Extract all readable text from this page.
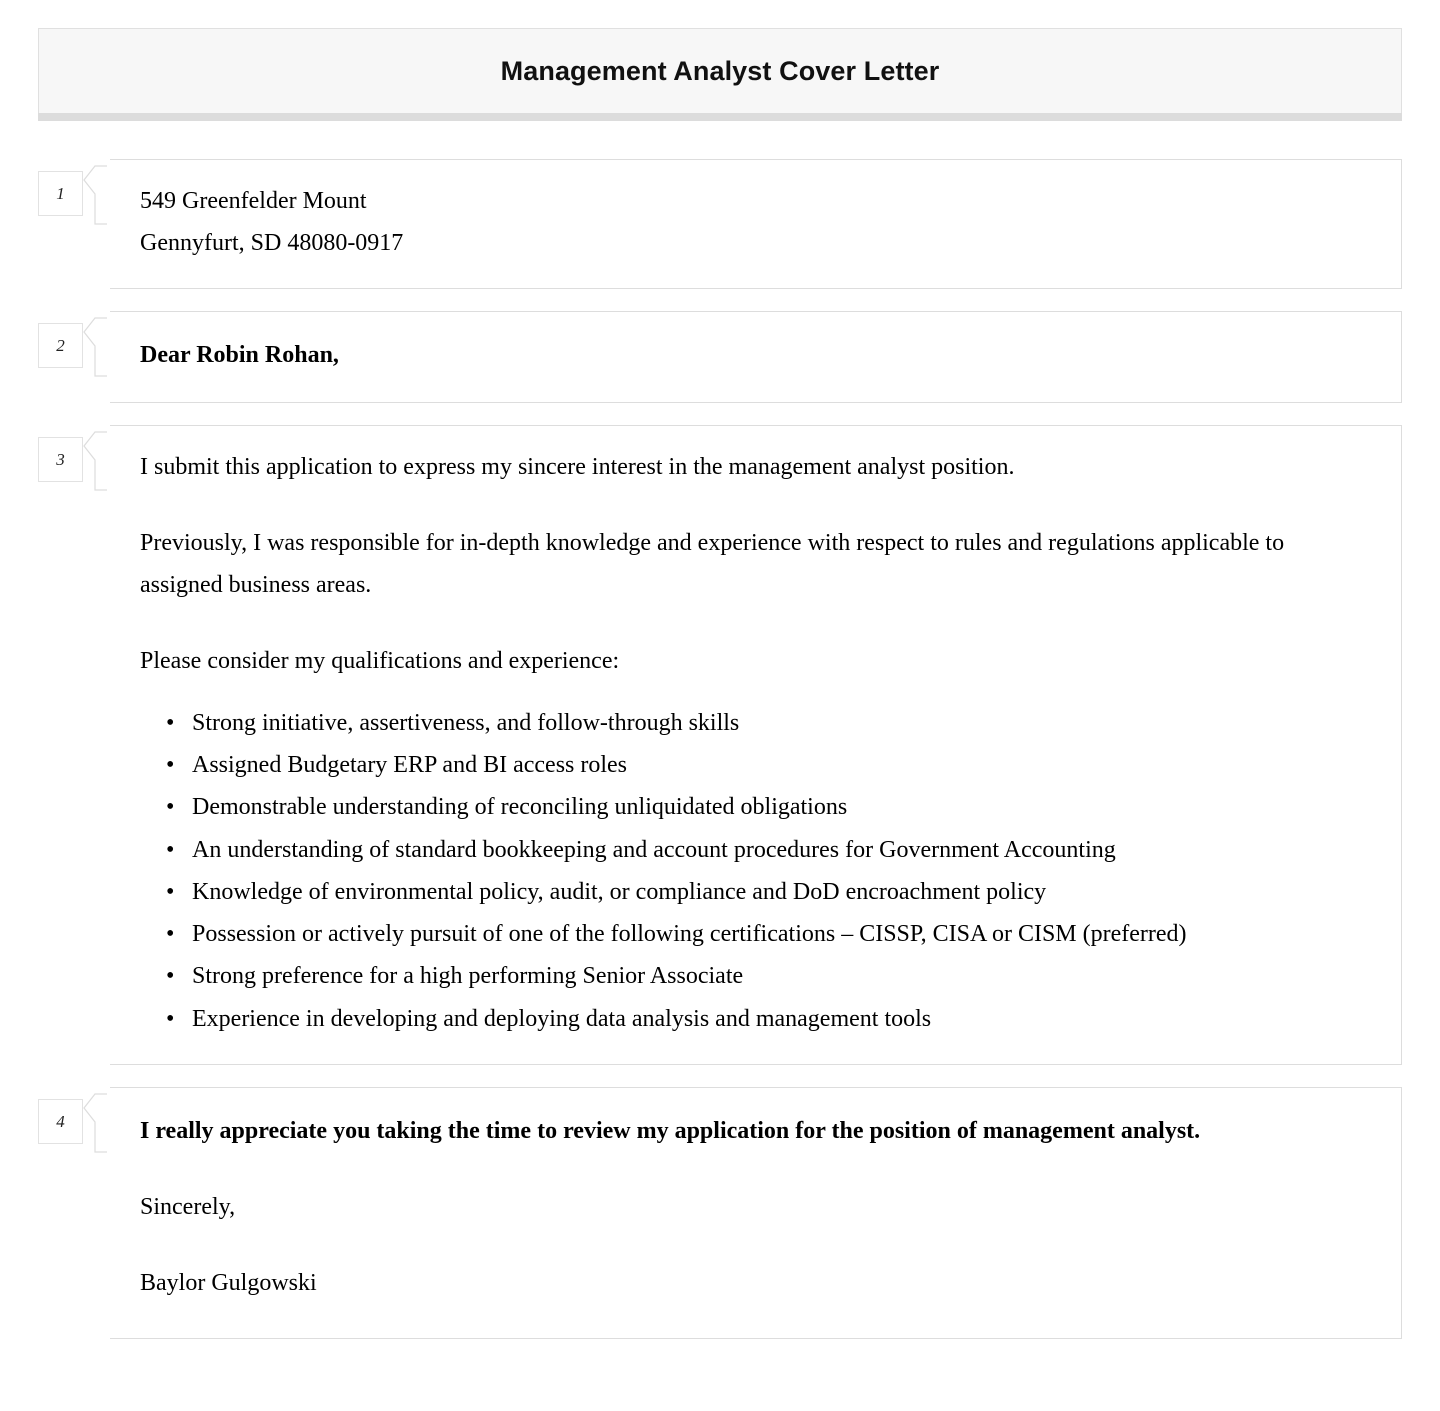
Management Analyst Cover Letter
1	549 Greenfelder Mount
Gennyfurt, SD 48080-0917
2	Dear Robin Rohan,
3	I submit this application to express my sincere interest in the management analyst position.

Previously, I was responsible for in-depth knowledge and experience with respect to rules and regulations applicable to assigned business areas.

Please consider my qualifications and experience:

• Strong initiative, assertiveness, and follow-through skills
• Assigned Budgetary ERP and BI access roles
• Demonstrable understanding of reconciling unliquidated obligations
• An understanding of standard bookkeeping and account procedures for Government Accounting
• Knowledge of environmental policy, audit, or compliance and DoD encroachment policy
• Possession or actively pursuit of one of the following certifications – CISSP, CISA or CISM (preferred)
• Strong preference for a high performing Senior Associate
• Experience in developing and deploying data analysis and management tools
4	I really appreciate you taking the time to review my application for the position of management analyst.

Sincerely,

Baylor Gulgowski
